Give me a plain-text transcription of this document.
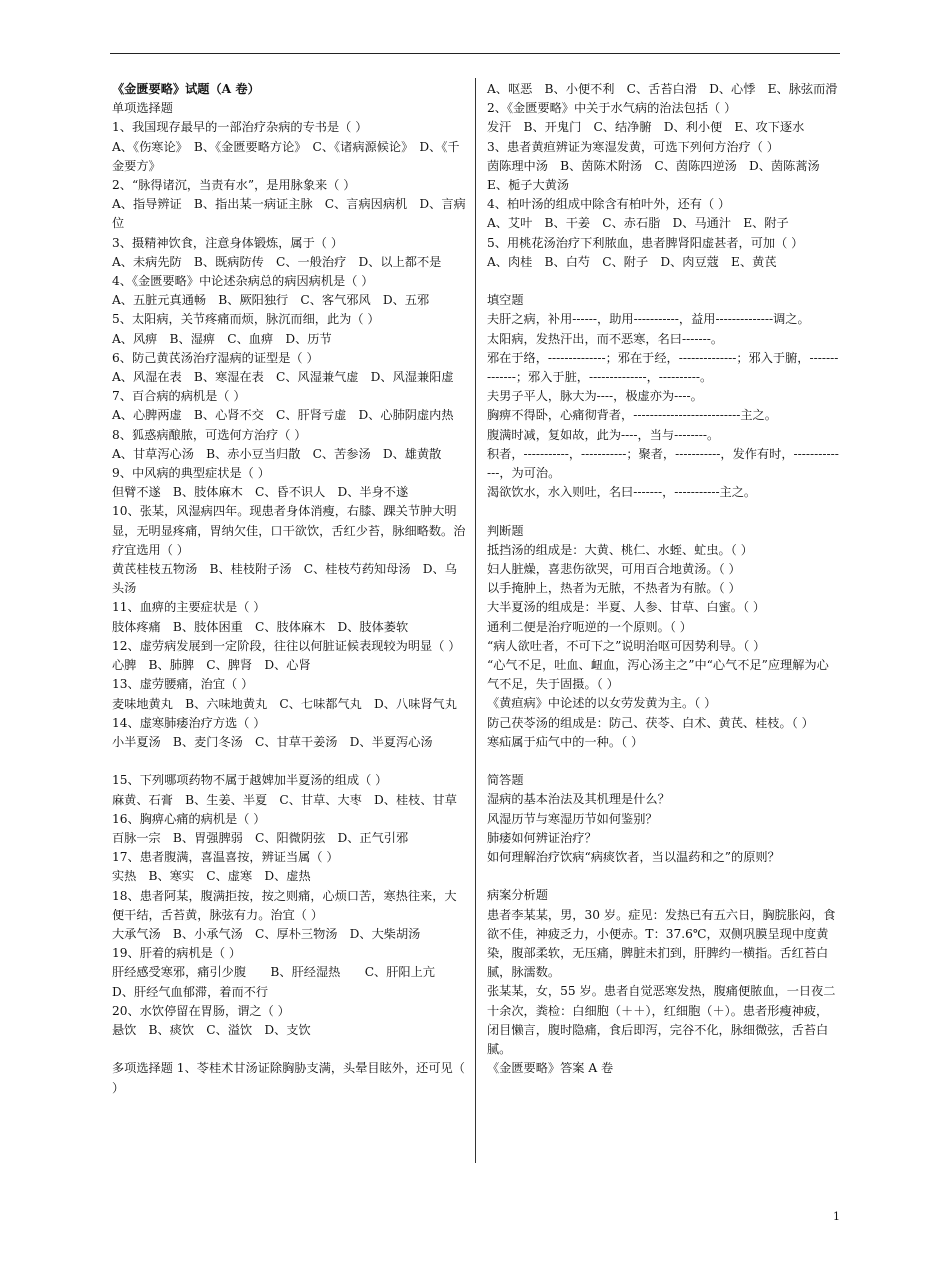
《金匮要略》试题（A 卷）
单项选择题
1、我国现存最早的一部治疗杂病的专书是（ ）
A、《伤寒论》　B、《金匮要略方论》　C、《诸病源候论》　D、《千金要方》
2、“脉得诸沉，当责有水”，是用脉象来（ ）
A、指导辨证　B、指出某一病证主脉　C、言病因病机　D、言病位
3、摄精神饮食，注意身体锻炼，属于（ ）
A、未病先防　B、既病防传　C、一般治疗　D、以上都不是
4、《金匮要略》中论述杂病总的病因病机是（ ）
A、五脏元真通畅　B、厥阳独行　C、客气邪风　D、五邪
5、太阳病，关节疼痛而烦，脉沉而细，此为（ ）
A、风痹　B、湿痹　C、血痹　D、历节
6、防己黄芪汤治疗湿病的证型是（ ）
A、风湿在表　B、寒湿在表　C、风湿兼气虚　D、风湿兼阳虚
7、百合病的病机是（ ）
A、心脾两虚　B、心肾不交　C、肝肾亏虚　D、心肺阴虚内热
8、狐惑病酿脓，可选何方治疗（ ）
A、甘草泻心汤　B、赤小豆当归散　C、苦参汤　D、雄黄散
9、中风病的典型症状是（ ）
但臂不遂　B、肢体麻木　C、昏不识人　D、半身不遂
10、张某，风湿病四年。现患者身体消瘦，右膝、踝关节肿大明显，无明显疼痛，胃纳欠佳，口干欲饮，舌红少苔，脉细略数。治疗宜选用（ ）
黄芪桂枝五物汤　B、桂枝附子汤　C、桂枝芍药知母汤　D、乌头汤
11、血痹的主要症状是（ ）
肢体疼痛　B、肢体困重　C、肢体麻木　D、肢体萎软
12、虚劳病发展到一定阶段，往往以何脏证候表现较为明显（ ）
心脾　B、肺脾　C、脾肾　D、心肾
13、虚劳腰痛，治宜（ ）
麦味地黄丸　B、六味地黄丸　C、七味都气丸　D、八味肾气丸
14、虚寒肺痿治疗方选（ ）
小半夏汤　B、麦门冬汤　C、甘草干姜汤　D、半夏泻心汤
15、下列哪项药物不属于越婢加半夏汤的组成（ ）
麻黄、石膏　B、生姜、半夏　C、甘草、大枣　D、桂枝、甘草
16、胸痹心痛的病机是（ ）
百脉一宗　B、胃强脾弱　C、阳微阴弦　D、正气引邪
17、患者腹满，喜温喜按，辨证当属（ ）
实热　B、寒实　C、虚寒　D、虚热
18、患者阿某，腹满拒按，按之则痛，心烦口苦，寒热往来，大便干结，舌苔黄，脉弦有力。治宜（ ）
大承气汤　B、小承气汤　C、厚朴三物汤　D、大柴胡汤
19、肝着的病机是（ ）
肝经感受寒邪，痛引少腹　　B、肝经湿热　　C、肝阳上亢　D、肝经气血郁滞，着而不行
20、水饮停留在胃肠，谓之（ ）
悬饮　B、痰饮　C、溢饮　D、支饮
多项选择题 1、苓桂术甘汤证除胸胁支满，头晕目眩外，还可见（ ）
A、呕恶　B、小便不利　C、舌苔白滑　D、心悸　E、脉弦而滑
2、《金匮要略》中关于水气病的治法包括（ ）
发汗　B、开鬼门　C、结净腑　D、利小便　E、攻下逐水
3、患者黄疸辨证为寒湿发黄，可选下列何方治疗（ ）
茵陈理中汤　B、茵陈术附汤　C、茵陈四逆汤　D、茵陈蒿汤　E、栀子大黄汤
4、柏叶汤的组成中除含有柏叶外，还有（ ）
A、艾叶　B、干姜　C、赤石脂　D、马通汁　E、附子
5、用桃花汤治疗下利脓血，患者脾肾阳虚甚者，可加（ ）
A、肉桂　B、白芍　C、附子　D、肉豆蔻　E、黄芪
填空题
夫肝之病，补用------，助用-----------，益用--------------调之。
太阳病，发热汗出，而不恶寒，名曰-------。
邪在于络，--------------；邪在于经，--------------；邪入于腑，--------------；邪入于脏，--------------，----------。
夫男子平人，脉大为----，极虚亦为----。
胸痹不得卧，心痛彻背者，--------------------------主之。
腹满时减，复如故，此为----，当与--------。
积者，-----------，-----------；聚者，-----------，发作有时，--------------，为可治。
渴欲饮水，水入则吐，名曰-------，-----------主之。
判断题
抵挡汤的组成是：大黄、桃仁、水蛭、虻虫。（ ）
妇人脏燥，喜悲伤欲哭，可用百合地黄汤。（ ）
以手掩肿上，热者为无脓，不热者为有脓。（ ）
大半夏汤的组成是：半夏、人参、甘草、白蜜。（ ）
通利二便是治疗呃逆的一个原则。（ ）
“病人欲吐者，不可下之”说明治呕可因势利导。（ ）
“心气不足，吐血、衄血，泻心汤主之”中“心气不足”应理解为心气不足，失于固摄。（ ）
《黄疸病》中论述的以女劳发黄为主。（ ）
防己茯苓汤的组成是：防己、茯苓、白术、黄芪、桂枝。（ ）
寒疝属于疝气中的一种。（ ）
简答题
湿病的基本治法及其机理是什么？
风湿历节与寒湿历节如何鉴别？
肺痿如何辨证治疗？
如何理解治疗饮病“病痰饮者，当以温药和之”的原则？
病案分析题
患者李某某，男，30 岁。症见：发热已有五六日，胸脘胀闷，食欲不佳，神疲乏力，小便赤。T：37.6℃，双侧巩膜呈现中度黄染，腹部柔软，无压痛，脾脏未扪到，肝脾约一横指。舌红苔白腻，脉濡数。
张某某，女，55 岁。患者自觉恶寒发热，腹痛便脓血，一日夜二十余次，粪检：白细胞（＋＋），红细胞（＋）。患者形瘦神疲，闭目懒言，腹时隐痛，食后即泻，完谷不化，脉细微弦，舌苔白腻。
《金匮要略》答案 A 卷
1
